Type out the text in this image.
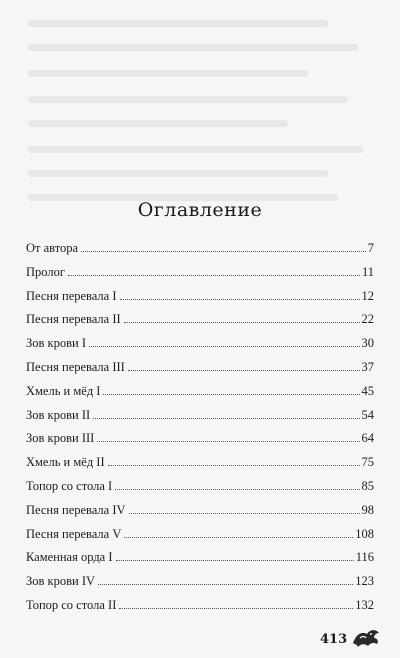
Оглавление
От автора	7
Пролог	11
Песня перевала I	12
Песня перевала II	22
Зов крови I	30
Песня перевала III	37
Хмель и мёд I	45
Зов крови II	54
Зов крови III	64
Хмель и мёд II	75
Топор со стола I	85
Песня перевала IV	98
Песня перевала V	108
Каменная орда I	116
Зов крови IV	123
Топор со стола II	132
413
